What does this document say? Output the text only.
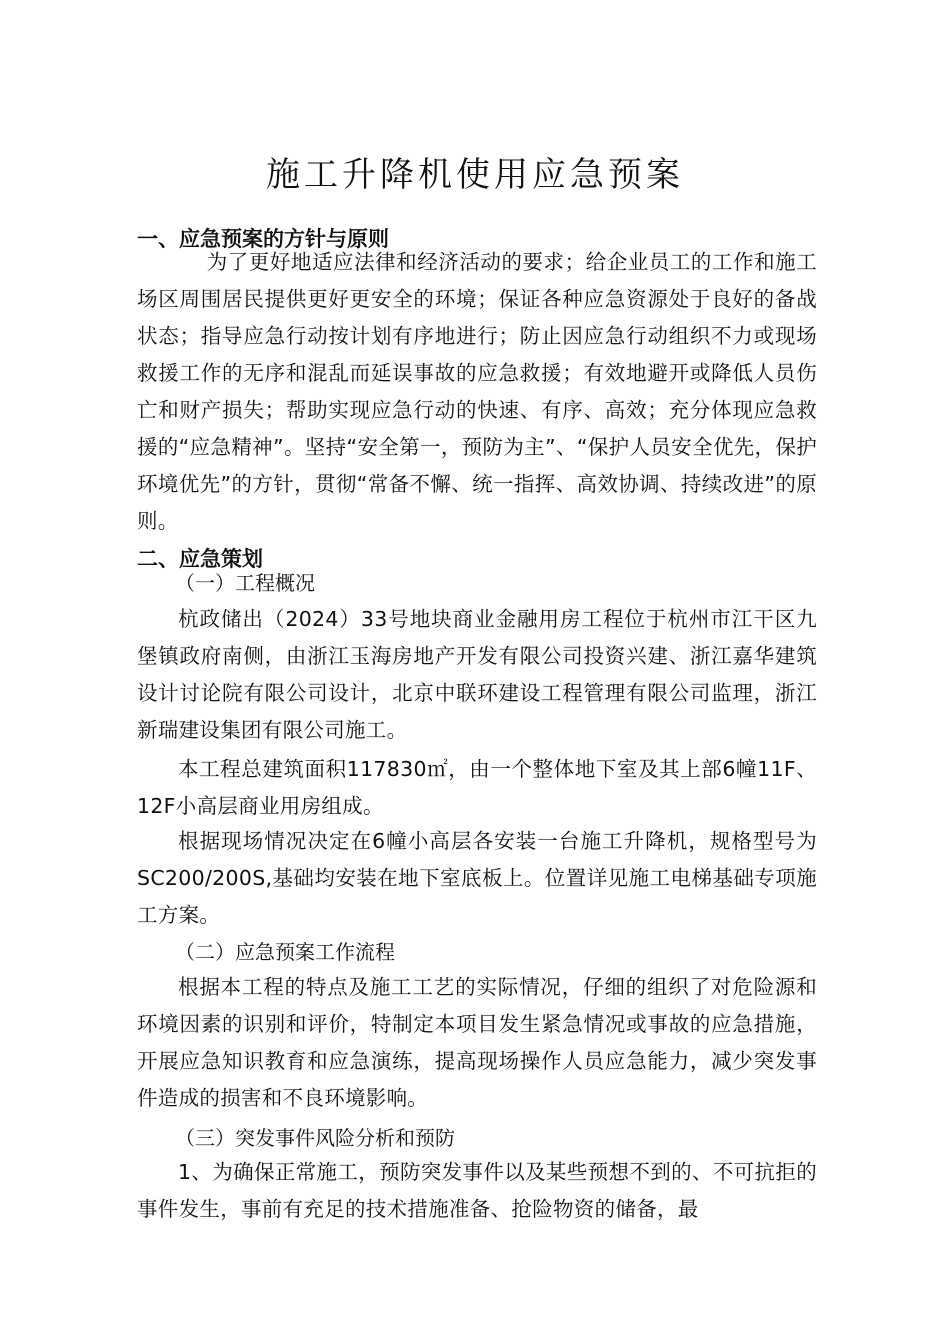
施工升降机使用应急预案
一、应急预案的方针与原则

为了更好地适应法律和经济活动的要求；给企业员工的工作和施工场区周围居民提供更好更安全的环境；保证各种应急资源处于良好的备战状态；指导应急行动按计划有序地进行；防止因应急行动组织不力或现场救援工作的无序和混乱而延误事故的应急救援；有效地避开或降低人员伤亡和财产损失；帮助实现应急行动的快速、有序、高效；充分体现应急救援的“应急精神”。坚持“安全第一，预防为主”、“保护人员安全优先，保护环境优先”的方针，贯彻“常备不懈、统一指挥、高效协调、持续改进”的原则。

二、应急策划
（一）工程概况

杭政储出（2024）33号地块商业金融用房工程位于杭州市江干区九堡镇政府南侧，由浙江玉海房地产开发有限公司投资兴建、浙江嘉华建筑设计讨论院有限公司设计，北京中联环建设工程管理有限公司监理，浙江新瑞建设集团有限公司施工。

本工程总建筑面积117830㎡，由一个整体地下室及其上部6幢11F、12F小高层商业用房组成。

根据现场情况决定在6幢小高层各安装一台施工升降机，规格型号为SC200/200S,基础均安装在地下室底板上。位置详见施工电梯基础专项施工方案。

（二）应急预案工作流程

根据本工程的特点及施工工艺的实际情况，仔细的组织了对危险源和环境因素的识别和评价，特制定本项目发生紧急情况或事故的应急措施，开展应急知识教育和应急演练，提高现场操作人员应急能力，减少突发事件造成的损害和不良环境影响。

（三）突发事件风险分析和预防

1、为确保正常施工，预防突发事件以及某些预想不到的、不可抗拒的事件发生，事前有充足的技术措施准备、抢险物资的储备，最
